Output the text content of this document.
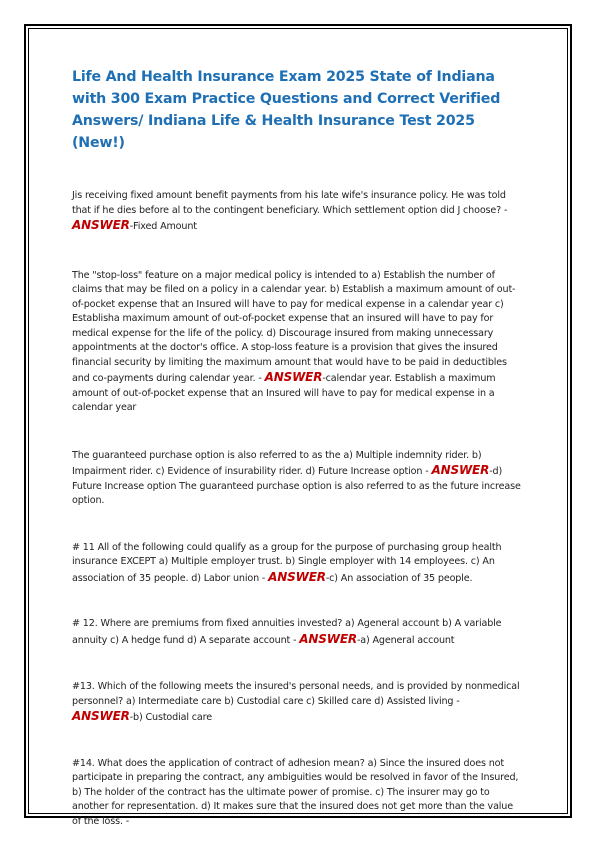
Life And Health Insurance Exam 2025 State of Indiana with 300 Exam Practice Questions and Correct Verified Answers/ Indiana Life & Health Insurance Test 2025 (New!)

Jis receiving fixed amount benefit payments from his late wife's insurance policy. He was told that if he dies before al to the contingent beneficiary. Which settlement option did J choose? - ANSWER-Fixed Amount

The "stop-loss" feature on a major medical policy is intended to a) Establish the number of claims that may be filed on a policy in a calendar year. b) Establish a maximum amount of out-of-pocket expense that an Insured will have to pay for medical expense in a calendar year c) Establisha maximum amount of out-of-pocket expense that an insured will have to pay for medical expense for the life of the policy. d) Discourage insured from making unnecessary appointments at the doctor's office. A stop-loss feature is a provision that gives the insured financial security by limiting the maximum amount that would have to be paid in deductibles and co-payments during calendar year. - ANSWER-calendar year. Establish a maximum amount of out-of-pocket expense that an Insured will have to pay for medical expense in a calendar year

The guaranteed purchase option is also referred to as the a) Multiple indemnity rider. b) Impairment rider. c) Evidence of insurability rider. d) Future Increase option - ANSWER-d) Future Increase option The guaranteed purchase option is also referred to as the future increase option.

# 11 All of the following could qualify as a group for the purpose of purchasing group health insurance EXCEPT a) Multiple employer trust. b) Single employer with 14 employees. c) An association of 35 people. d) Labor union - ANSWER-c) An association of 35 people.

# 12. Where are premiums from fixed annuities invested? a) Ageneral account b) A variable annuity c) A hedge fund d) A separate account - ANSWER-a) Ageneral account

#13. Which of the following meets the insured's personal needs, and is provided by nonmedical personnel? a) Intermediate care b) Custodial care c) Skilled care d) Assisted living - ANSWER-b) Custodial care

#14. What does the application of contract of adhesion mean? a) Since the insured does not participate in preparing the contract, any ambiguities would be resolved in favor of the Insured, b) The holder of the contract has the ultimate power of promise. c) The insurer may go to another for representation. d) It makes sure that the insured does not get more than the value of the loss. -
